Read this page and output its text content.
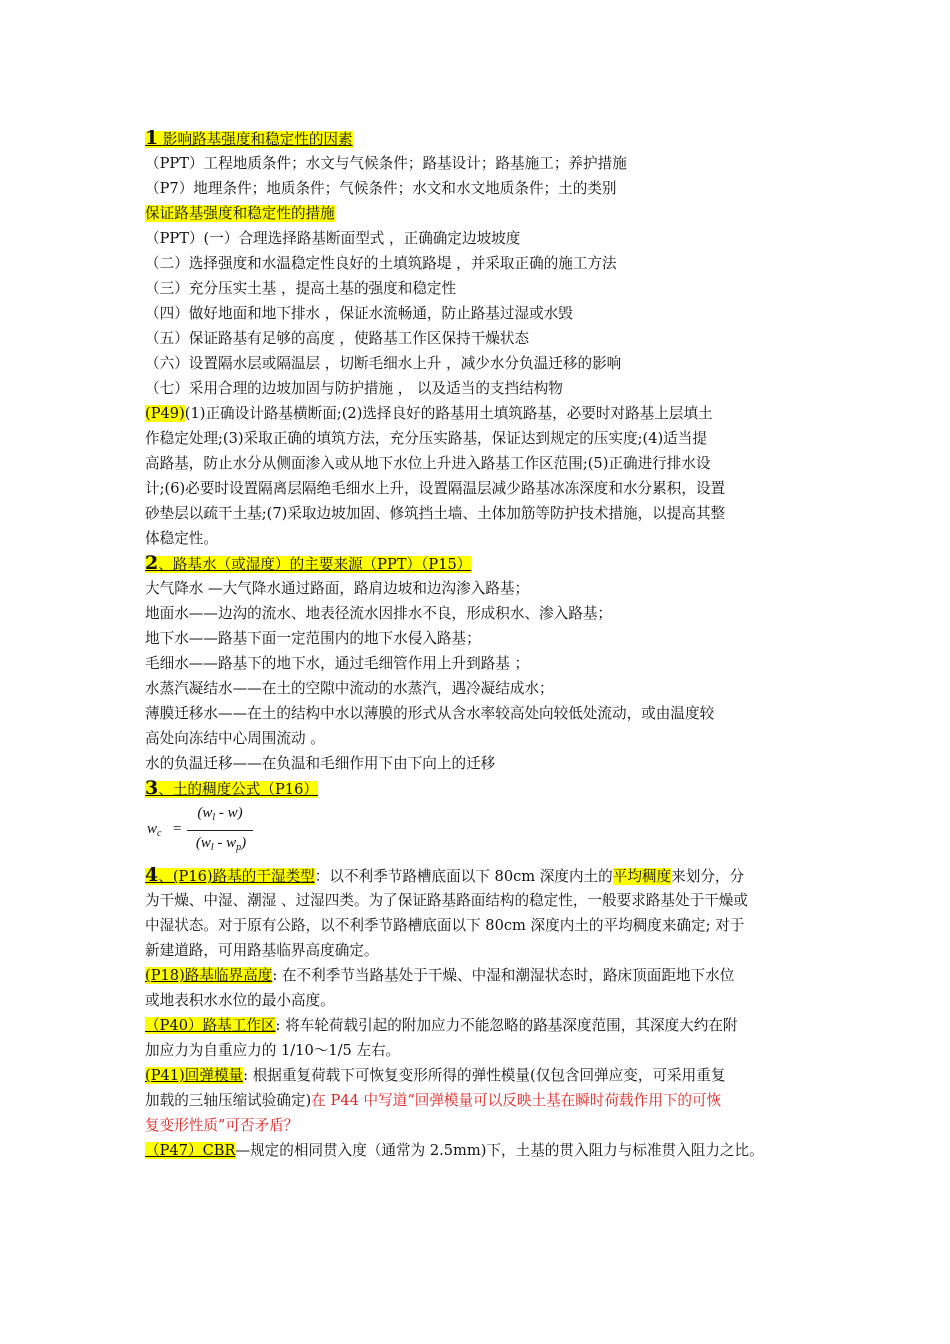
1 影响路基强度和稳定性的因素
（PPT）工程地质条件；水文与气候条件；路基设计；路基施工；养护措施
（P7）地理条件；地质条件；气候条件；水文和水文地质条件；土的类别
保证路基强度和稳定性的措施
（PPT）(一）合理选择路基断面型式 ，正确确定边坡坡度
（二）选择强度和水温稳定性良好的土填筑路堤 ，并采取正确的施工方法
（三）充分压实土基 ，提高土基的强度和稳定性
（四）做好地面和地下排水 ，保证水流畅通，防止路基过湿或水毁
（五）保证路基有足够的高度 ，使路基工作区保持干燥状态
（六）设置隔水层或隔温层 ，切断毛细水上升 ，减少水分负温迁移的影响
（七）采用合理的边坡加固与防护措施 ， 以及适当的支挡结构物
(P49)(1)正确设计路基横断面;(2)选择良好的路基用土填筑路基，必要时对路基上层填土
作稳定处理;(3)采取正确的填筑方法，充分压实路基，保证达到规定的压实度;(4)适当提
高路基，防止水分从侧面渗入或从地下水位上升进入路基工作区范围;(5)正确进行排水设
计;(6)必要时设置隔离层隔绝毛细水上升，设置隔温层减少路基冰冻深度和水分累积，设置
砂垫层以疏干土基;(7)采取边坡加固、修筑挡土墙、土体加筋等防护技术措施，以提高其整
体稳定性。
2、路基水（或湿度）的主要来源（PPT）（P15）
大气降水 —大气降水通过路面，路肩边坡和边沟渗入路基；
地面水——边沟的流水、地表径流水因排水不良，形成积水、渗入路基；
地下水——路基下面一定范围内的地下水侵入路基；
毛细水——路基下的地下水，通过毛细管作用上升到路基 ；
水蒸汽凝结水——在土的空隙中流动的水蒸汽，遇冷凝结成水；
薄膜迁移水——在土的结构中水以薄膜的形式从含水率较高处向较低处流动，或由温度较
高处向冻结中心周围流动 。
水的负温迁移——在负温和毛细作用下由下向上的迁移
3、土的稠度公式（P16）
$w_c$ =
$(w_l - w)$
$(w_l - w_p)$
4、(P16)路基的干湿类型：以不利季节路槽底面以下 80cm 深度内土的平均稠度来划分，分
为干燥、中湿、潮湿 、过湿四类。为了保证路基路面结构的稳定性，一般要求路基处于干燥或
中湿状态。对于原有公路，以不利季节路槽底面以下 80cm 深度内土的平均稠度来确定; 对于
新建道路，可用路基临界高度确定。
(P18)路基临界高度: 在不利季节当路基处于干燥、中湿和潮湿状态时，路床顶面距地下水位
或地表积水水位的最小高度。
（P40）路基工作区: 将车轮荷载引起的附加应力不能忽略的路基深度范围，其深度大约在附
加应力为自重应力的 1/10～1/5 左右。
(P41)回弹模量: 根据重复荷载下可恢复变形所得的弹性模量(仅包含回弹应变，可采用重复
加载的三轴压缩试验确定)在 P44 中写道“回弹模量可以反映土基在瞬时荷载作用下的可恢
复变形性质”可否矛盾？
（P47）CBR—规定的相同贯入度（通常为 2.5mm)下，土基的贯入阻力与标准贯入阻力之比。
